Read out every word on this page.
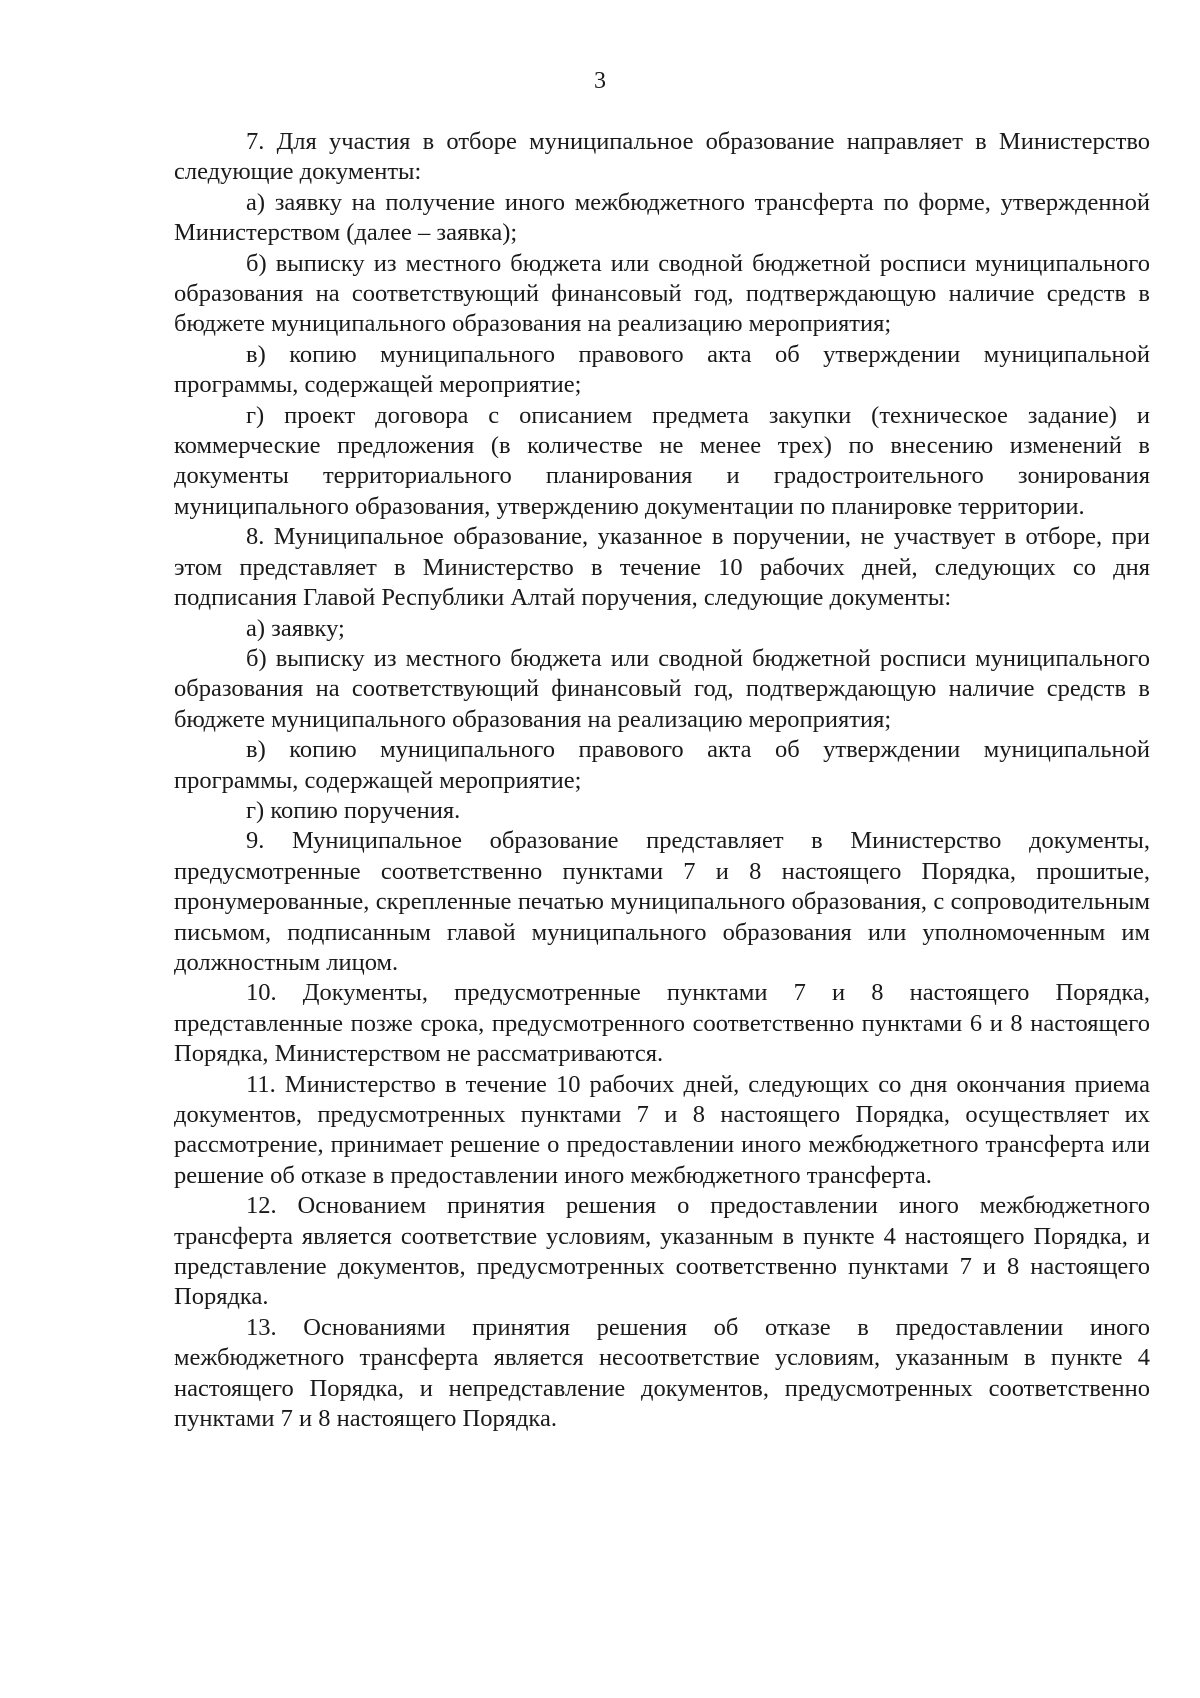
3

7. Для участия в отборе муниципальное образование направляет в Министерство следующие документы:

а) заявку на получение иного межбюджетного трансферта по форме, утвержденной Министерством (далее – заявка);

б) выписку из местного бюджета или сводной бюджетной росписи муниципального образования на соответствующий финансовый год, подтверждающую наличие средств в бюджете муниципального образования на реализацию мероприятия;

в) копию муниципального правового акта об утверждении муниципальной программы, содержащей мероприятие;

г) проект договора с описанием предмета закупки (техническое задание) и коммерческие предложения (в количестве не менее трех) по внесению изменений в документы территориального планирования и градостроительного зонирования муниципального образования, утверждению документации по планировке территории.

8. Муниципальное образование, указанное в поручении, не участвует в отборе, при этом представляет в Министерство в течение 10 рабочих дней, следующих со дня подписания Главой Республики Алтай поручения, следующие документы:

а) заявку;

б) выписку из местного бюджета или сводной бюджетной росписи муниципального образования на соответствующий финансовый год, подтверждающую наличие средств в бюджете муниципального образования на реализацию мероприятия;

в) копию муниципального правового акта об утверждении муниципальной программы, содержащей мероприятие;

г) копию поручения.

9. Муниципальное образование представляет в Министерство документы, предусмотренные соответственно пунктами 7 и 8 настоящего Порядка, прошитые, пронумерованные, скрепленные печатью муниципального образования, с сопроводительным письмом, подписанным главой муниципального образования или уполномоченным им должностным лицом.

10. Документы, предусмотренные пунктами 7 и 8 настоящего Порядка, представленные позже срока, предусмотренного соответственно пунктами 6 и 8 настоящего Порядка, Министерством не рассматриваются.

11. Министерство в течение 10 рабочих дней, следующих со дня окончания приема документов, предусмотренных пунктами 7 и 8 настоящего Порядка, осуществляет их рассмотрение, принимает решение о предоставлении иного межбюджетного трансферта или решение об отказе в предоставлении иного межбюджетного трансферта.

12. Основанием принятия решения о предоставлении иного межбюджетного трансферта является соответствие условиям, указанным в пункте 4 настоящего Порядка, и представление документов, предусмотренных соответственно пунктами 7 и 8 настоящего Порядка.

13. Основаниями принятия решения об отказе в предоставлении иного межбюджетного трансферта является несоответствие условиям, указанным в пункте 4 настоящего Порядка, и непредставление документов, предусмотренных соответственно пунктами 7 и 8 настоящего Порядка.
